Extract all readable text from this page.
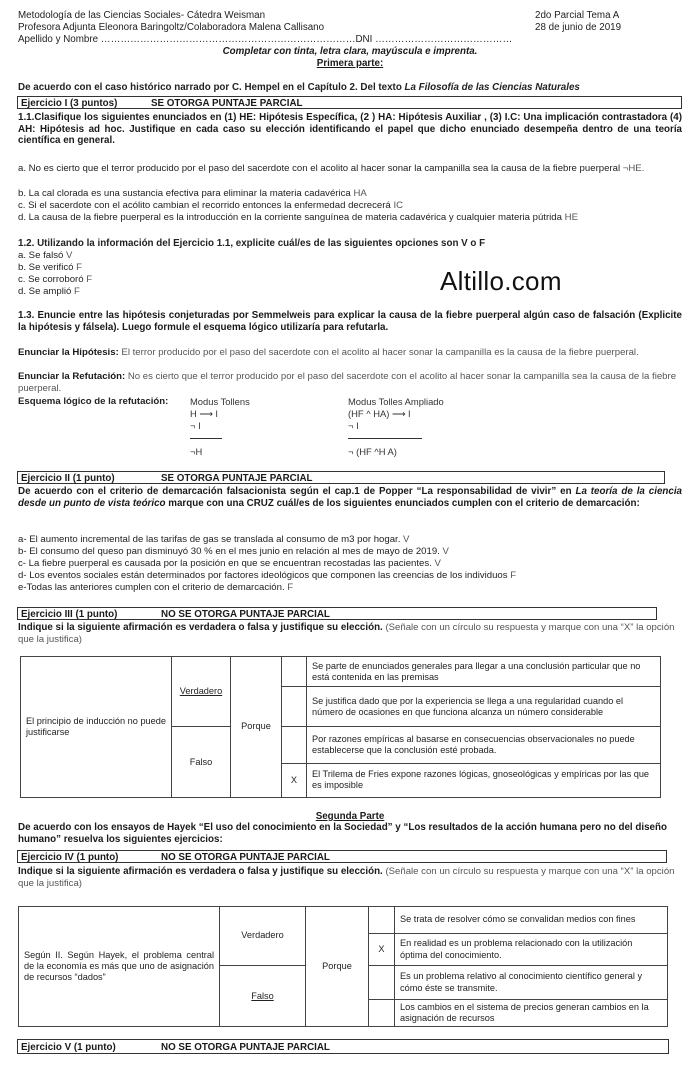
Metodología de las Ciencias Sociales- Cátedra Weisman
Profesora Adjunta Eleonora Baringoltz/Colaboradora Malena Callisano
Apellido y Nombre ……………………………………………………………………DNI ……………………………………
2do Parcial Tema A
28 de junio de 2019
Completar con tinta, letra clara, mayúscula e imprenta.
Primera parte:
De acuerdo con el caso histórico narrado por C. Hempel en el Capítulo 2. Del texto La Filosofía de las Ciencias Naturales
Ejercicio I (3 puntos)	SE OTORGA PUNTAJE PARCIAL
1.1.Clasifique los siguientes enunciados en (1) HE: Hipótesis Específica, (2 ) HA: Hipótesis Auxiliar , (3) I.C: Una implicación contrastadora (4) AH: Hipótesis ad hoc. Justifique en cada caso su elección identificando el papel que dicho enunciado desempeña dentro de una teoría científica en general.
a. No es cierto que el terror producido por el paso del sacerdote con el acolito al hacer sonar la campanilla sea la causa de la fiebre puerperal ¬HE.
b. La cal clorada es una sustancia efectiva para eliminar la materia cadavérica HA
c. Si el sacerdote con el acólito cambian el recorrido entonces la enfermedad decrecerá IC
d. La causa de la fiebre puerperal es la introducción en la corriente sanguínea de materia cadavérica y cualquier materia pútrida HE
1.2. Utilizando la información del Ejercicio 1.1, explicite cuál/es de las siguientes opciones son V o F
a. Se falsó V
b. Se verificó F
c. Se corroboró F
d. Se amplió F	Altillo.com
1.3. Enuncie entre las hipótesis conjeturadas por Semmelweis para explicar la causa de la fiebre puerperal algún caso de falsación (Explicite la hipótesis y fálsela). Luego formule el esquema lógico utilizaría para refutarla.
Enunciar la Hipótesis: El terror producido por el paso del sacerdote con el acolito al hacer sonar la campanilla es la causa de la fiebre puerperal.
Enunciar la Refutación: No es cierto que el terror producido por el paso del sacerdote con el acolito al hacer sonar la campanilla sea la causa de la fiebre puerperal.
Esquema lógico de la refutación: Modus Tollens
H ⟶ I
¬ I
¬H
Modus Tolles Ampliado
(HF ^ HA) ⟶ I
¬ I
¬ (HF ^H A)
Ejercicio II (1 punto)	SE OTORGA PUNTAJE PARCIAL
De acuerdo con el criterio de demarcación falsacionista según el cap.1 de Popper “La responsabilidad de vivir” en La teoría de la ciencia desde un punto de vista teórico marque con una CRUZ cuál/es de los siguientes enunciados cumplen con el criterio de demarcación:
a- El aumento incremental de las tarifas de gas se translada al consumo de m3 por hogar. V
b- El consumo del queso pan disminuyó 30 % en el mes junio en relación al mes de mayo de 2019. V
c- La fiebre puerperal es causada por la posición en que se encuentran recostadas las pacientes. V
d- Los eventos sociales están determinados por factores ideológicos que componen las creencias de los individuos F
e-Todas las anteriores cumplen con el criterio de demarcación. F
Ejercicio III (1 punto)	NO SE OTORGA PUNTAJE PARCIAL
Indique si la siguiente afirmación es verdadera o falsa y justifique su elección. (Señale con un círculo su respuesta y marque con una “X” la opción que la justifica)
El principio de inducción no puede justificarse	Verdadero	Porque		Se parte de enunciados generales para llegar a una conclusión particular que no está contenida en las premisas
				Se justifica dado que por la experiencia se llega a una regularidad cuando el número de ocasiones en que funciona alcanza un número considerable
	Falso			Por razones empíricas al basarse en consecuencias observacionales no puede establecerse que la conclusión esté probada.
			X	El Trilema de Fries expone razones lógicas, gnoseológicas y empíricas por las que es imposible
Segunda Parte
De acuerdo con los ensayos de Hayek “El uso del conocimiento en la Sociedad” y “Los resultados de la acción humana pero no del diseño humano” resuelva los siguientes ejercicios:
Ejercicio IV (1 punto)	NO SE OTORGA PUNTAJE PARCIAL
Indique si la siguiente afirmación es verdadera o falsa y justifique su elección. (Señale con un círculo su respuesta y marque con una “X” la opción que la justifica)
Según II. Según Hayek, el problema central de la economía es más que uno de asignación de recursos “dados”	Verdadero	Porque		Se trata de resolver cómo se convalidan medios con fines
			X	En realidad es un problema relacionado con la utilización óptima del conocimiento.
	Falso			Es un problema relativo al conocimiento científico general y cómo éste se transmite.
				Los cambios en el sistema de precios generan cambios en la asignación de recursos
Ejercicio V (1 punto)	NO SE OTORGA PUNTAJE PARCIAL
